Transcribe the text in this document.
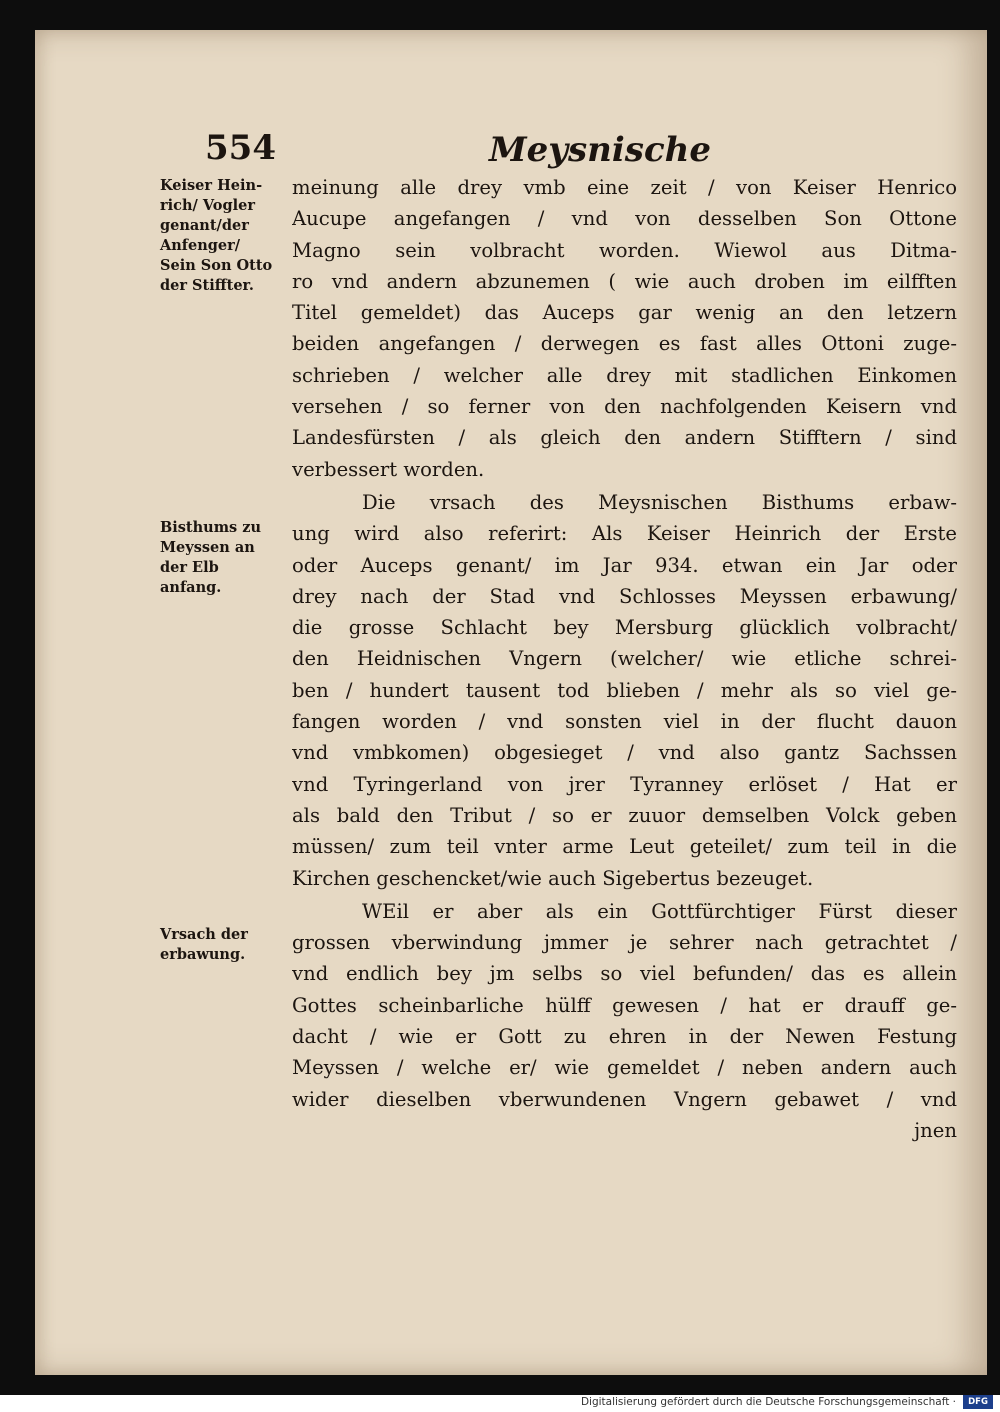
554	Meysnische
Keiser Hein-rich/ Vogler genant/der Anfenger/ Sein Son Otto der Stiffter.
Bisthums zu Meyssen an der Elb anfang.
Vrsach der erbawung.
meinung alle drey vmb eine zeit / von Keiser Henrico
Aucupe angefangen / vnd von desselben Son Ottone
Magno sein volbracht worden. Wiewol aus Ditma-
ro vnd andern abzunemen ( wie auch droben im eilfften
Titel gemeldet) das Auceps gar wenig an den letzern
beiden angefangen / derwegen es fast alles Ottoni zuge-
schrieben / welcher alle drey mit stadlichen Einkomen
versehen / so ferner von den nachfolgenden Keisern vnd
Landesfürsten / als gleich den andern Stifftern / sind
verbessert worden.
Die vrsach des Meysnischen Bisthums erbaw-
ung wird also referirt: Als Keiser Heinrich der Erste
oder Auceps genant/ im Jar 934. etwan ein Jar oder
drey nach der Stad vnd Schlosses Meyssen erbawung/
die grosse Schlacht bey Mersburg glücklich volbracht/
den Heidnischen Vngern (welcher/ wie etliche schrei-
ben / hundert tausent tod blieben / mehr als so viel ge-
fangen worden / vnd sonsten viel in der flucht dauon
vnd vmbkomen) obgesieget / vnd also gantz Sachssen
vnd Tyringerland von jrer Tyranney erlöset / Hat er
als bald den Tribut / so er zuuor demselben Volck geben
müssen/ zum teil vnter arme Leut geteilet/ zum teil in die
Kirchen geschencket/wie auch Sigebertus bezeuget.
WEil er aber als ein Gottfürchtiger Fürst dieser
grossen vberwindung jmmer je sehrer nach getrachtet /
vnd endlich bey jm selbs so viel befunden/ das es allein
Gottes scheinbarliche hülff gewesen / hat er drauff ge-
dacht / wie er Gott zu ehren in der Newen Festung
Meyssen / welche er/ wie gemeldet / neben andern auch
wider dieselben vberwundenen Vngern gebawet / vnd
jnen
Digitalisierung gefördert durch die Deutsche Forschungsgemeinschaft ·	DFG
